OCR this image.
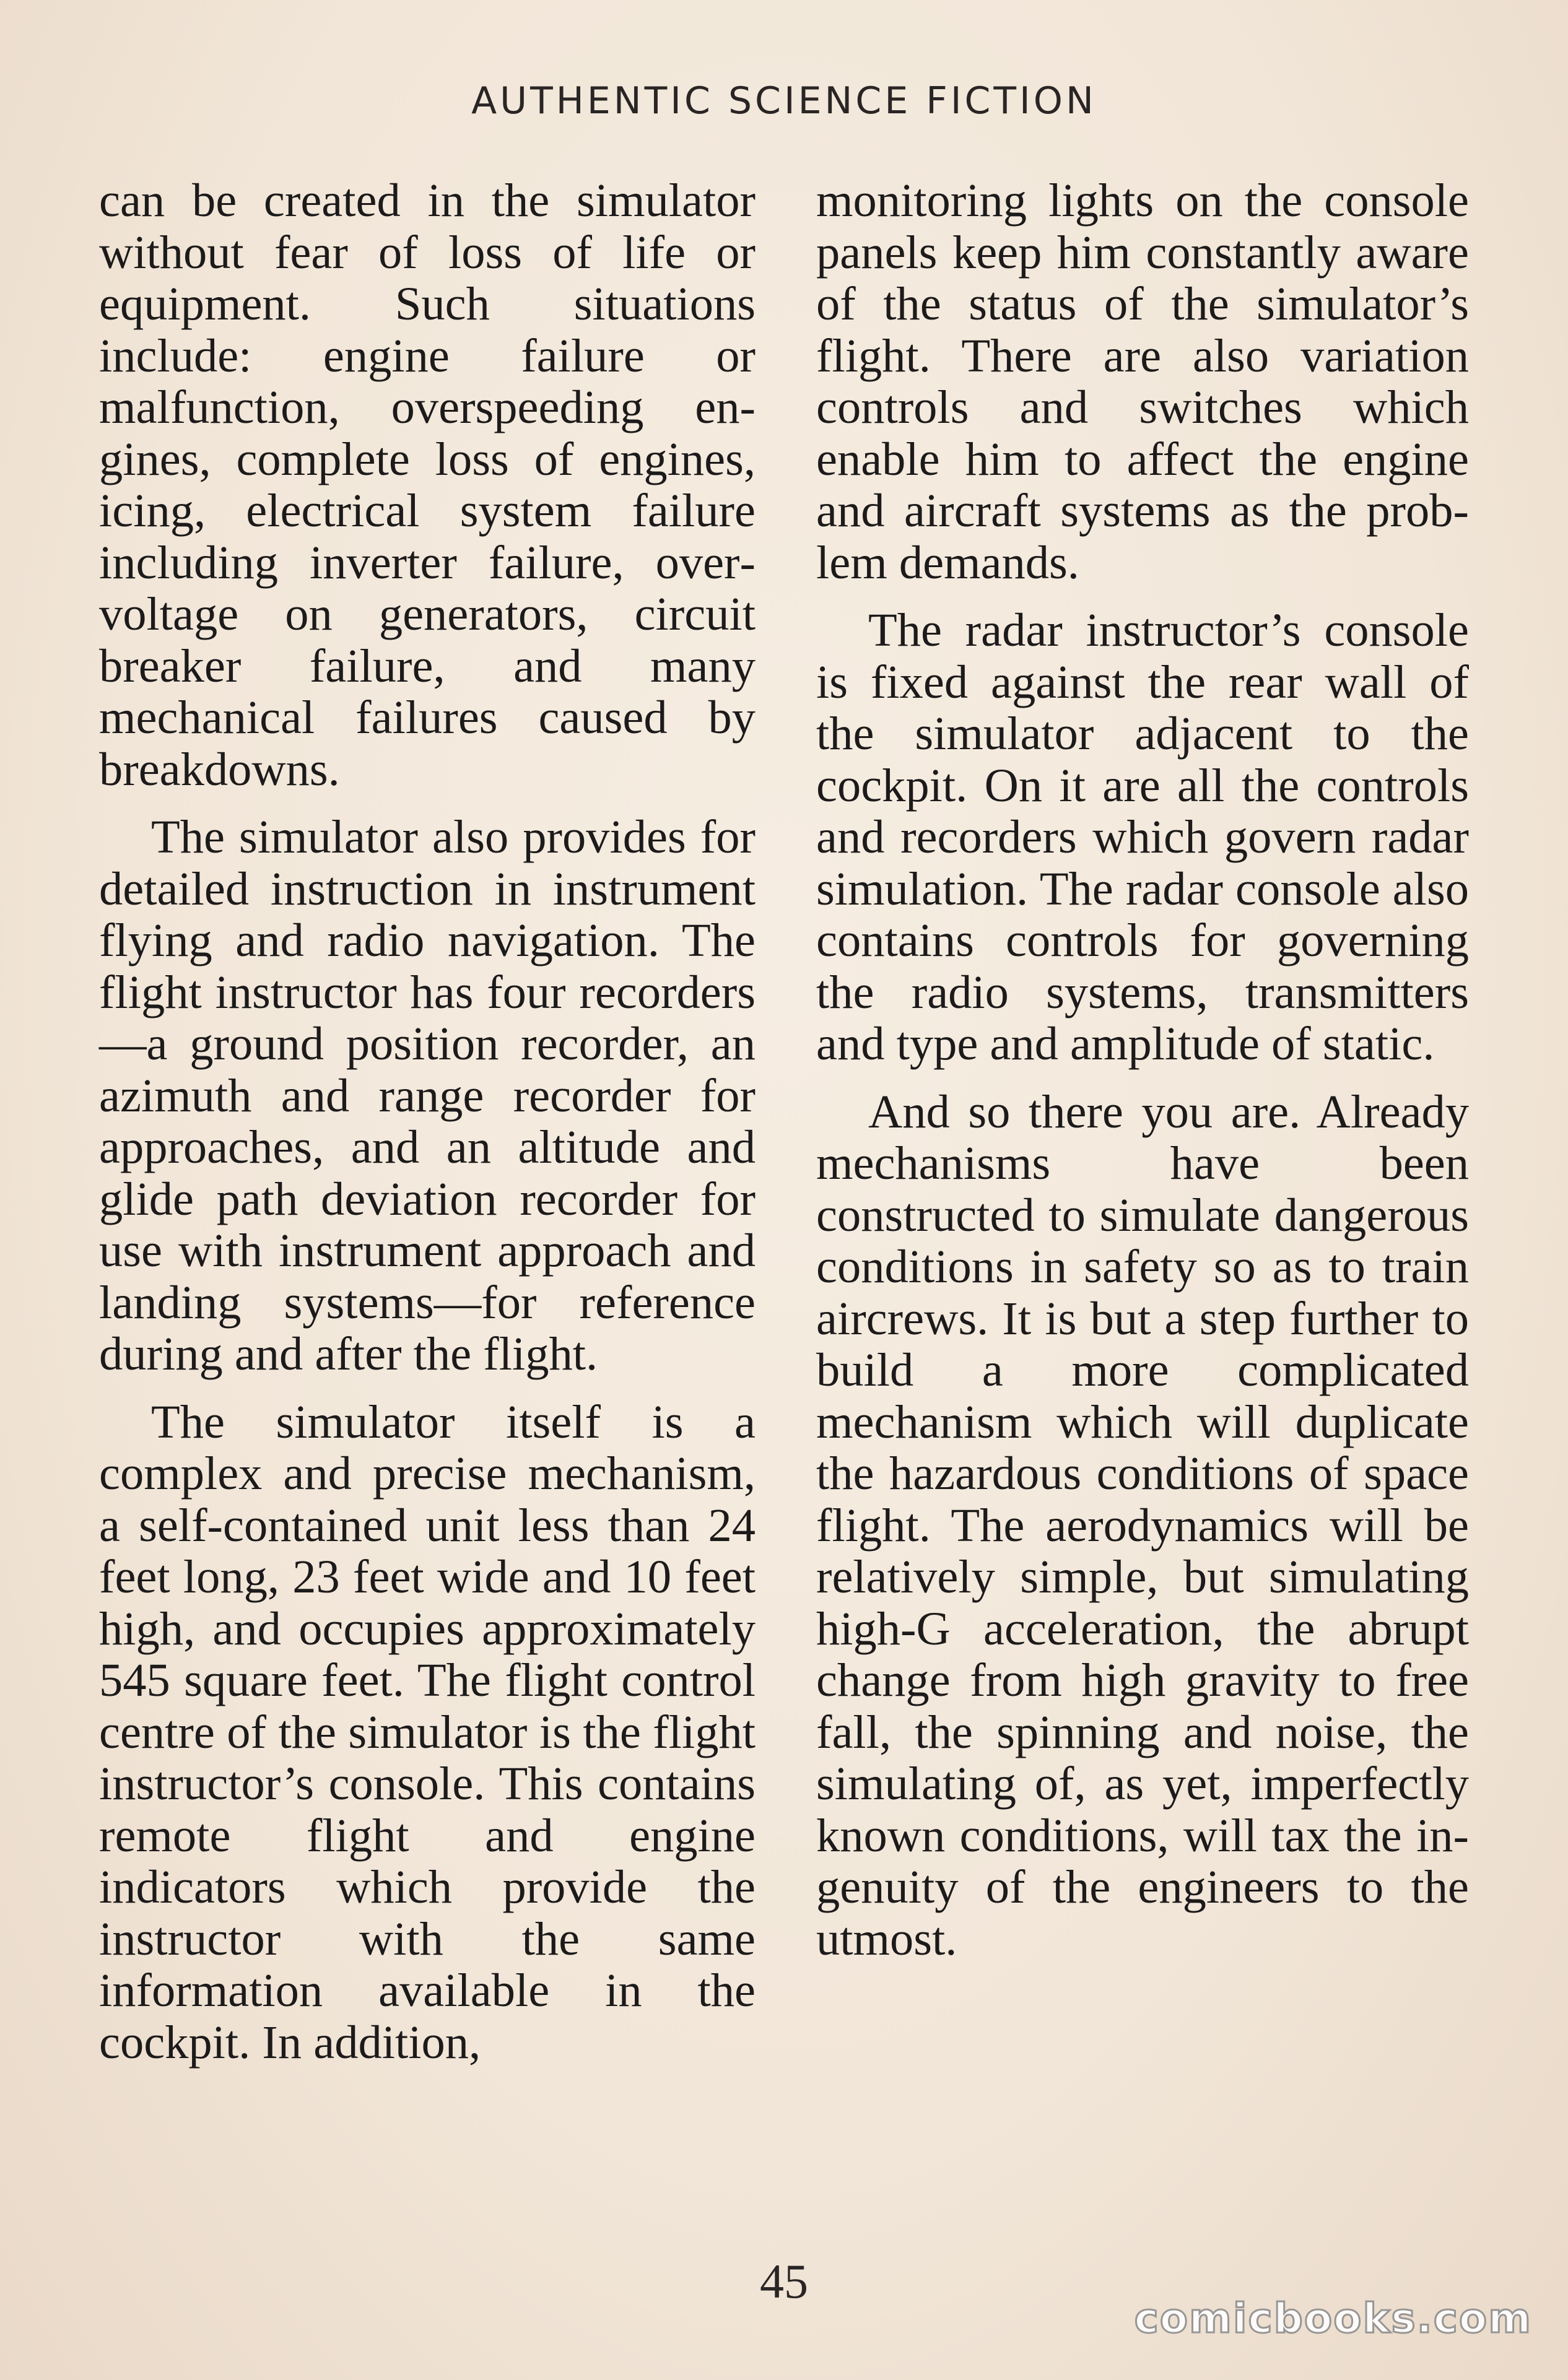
AUTHENTIC SCIENCE FICTION

can be created in the simulator without fear of loss of life or equipment. Such situations include: engine failure or malfunction, overspeeding engines, complete loss of engines, icing, electrical system failure including inverter failure, overvoltage on generators, circuit breaker failure, and many mechanical failures caused by breakdowns.

The simulator also provides for detailed instruction in instrument flying and radio navigation. The flight instructor has four recorders—a ground position recorder, an azimuth and range recorder for approaches, and an altitude and glide path deviation recorder for use with instrument approach and landing systems—for reference during and after the flight.

The simulator itself is a complex and precise mechanism, a self-contained unit less than 24 feet long, 23 feet wide and 10 feet high, and occupies approximately 545 square feet. The flight control centre of the simulator is the flight instructor’s console. This contains remote flight and engine indicators which provide the instructor with the same information available in the cockpit. In addition,

monitoring lights on the console panels keep him constantly aware of the status of the simulator’s flight. There are also variation controls and switches which enable him to affect the engine and aircraft systems as the problem demands.

The radar instructor’s console is fixed against the rear wall of the simulator adjacent to the cockpit. On it are all the controls and recorders which govern radar simulation. The radar console also contains controls for governing the radio systems, transmitters and type and amplitude of static.

And so there you are. Already mechanisms have been constructed to simulate dangerous conditions in safety so as to train aircrews. It is but a step further to build a more complicated mechanism which will duplicate the hazardous conditions of space flight. The aerodynamics will be relatively simple, but simulating high-G acceleration, the abrupt change from high gravity to free fall, the spinning and noise, the simulating of, as yet, imperfectly known conditions, will tax the ingenuity of the engineers to the utmost.

45
comicbooks.com
